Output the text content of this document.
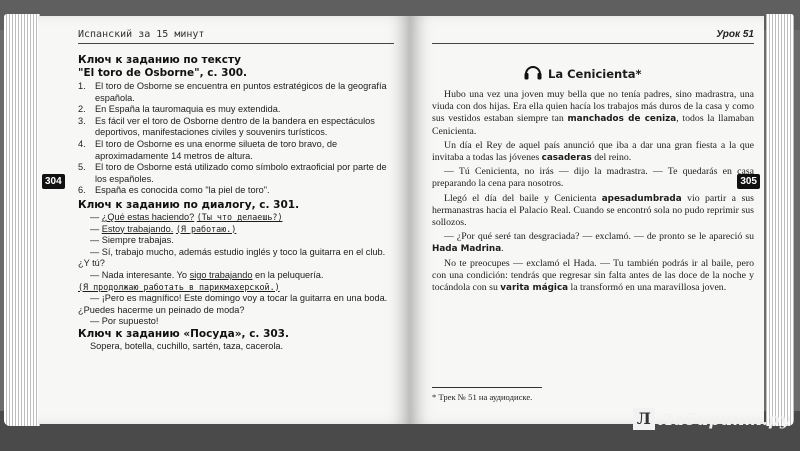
Испанский за 15 минут
304
Ключ к заданию по тексту
"El toro de Osborne", с. 300.
1. El toro de Osborne se encuentra en puntos estratégicos de la geografía española.
2. En España la tauromaquia es muy extendida.
3. Es fácil ver el toro de Osborne dentro de la bandera en espectáculos deportivos, manifestaciones civiles y souvenirs turísticos.
4. El toro de Osborne es una enorme silueta de toro bravo, de aproximadamente 14 metros de altura.
5. El toro de Osborne está utilizado como símbolo extraoficial por parte de los españoles.
6. España es conocida como "la piel de toro".
Ключ к заданию по диалогу, с. 301.
— ¿Qué estas haciendo? (Ты что делаешь?)
— Estoy trabajando. (Я работаю.)
— Siempre trabajas.
— Sí, trabajo mucho, además estudio inglés y toco la guitarra en el club. ¿Y tú?
— Nada interesante. Yo sigo trabajando en la peluquería.
(Я продолжаю работать в парикмахерской.)
— ¡Pero es magnífico! Este domingo voy a tocar la guitarra en una boda. ¿Puedes hacerme un peinado de moda?
— Por supuesto!
Ключ к заданию «Посуда», с. 303.
Sopera, botella, cuchillo, sartén, taza, cacerola.
Урок 51
305
La Cenicienta*

Hubo una vez una joven muy bella que no tenía padres, sino madrastra, una viuda con dos hijas. Era ella quien hacía los trabajos más duros de la casa y como sus vestidos estaban siempre tan manchados de ceniza, todos la llamaban Cenicienta.

Un día el Rey de aquel país anunció que iba a dar una gran fiesta a la que invitaba a todas las jóvenes casaderas del reino.

— Tú Cenicienta, no irás — dijo la madrastra. — Te quedarás en casa preparando la cena para nosotros.

Llegó el día del baile y Cenicienta apesadumbrada vio partir a sus hermanastras hacia el Palacio Real. Cuando se encontró sola no pudo reprimir sus sollozos.

— ¿Por qué seré tan desgraciada? — exclamó. — de pronto se le apareció su Hada Madrina.

No te preocupes — exclamó el Hada. — Tu también podrás ir al baile, pero con una condición: tendrás que regresar sin falta antes de las doce de la noche y tocándola con su varita mágica la transformó en una maravillosa joven.

* Трек № 51 на аудиодиске.
Л Лабиринт.ру
